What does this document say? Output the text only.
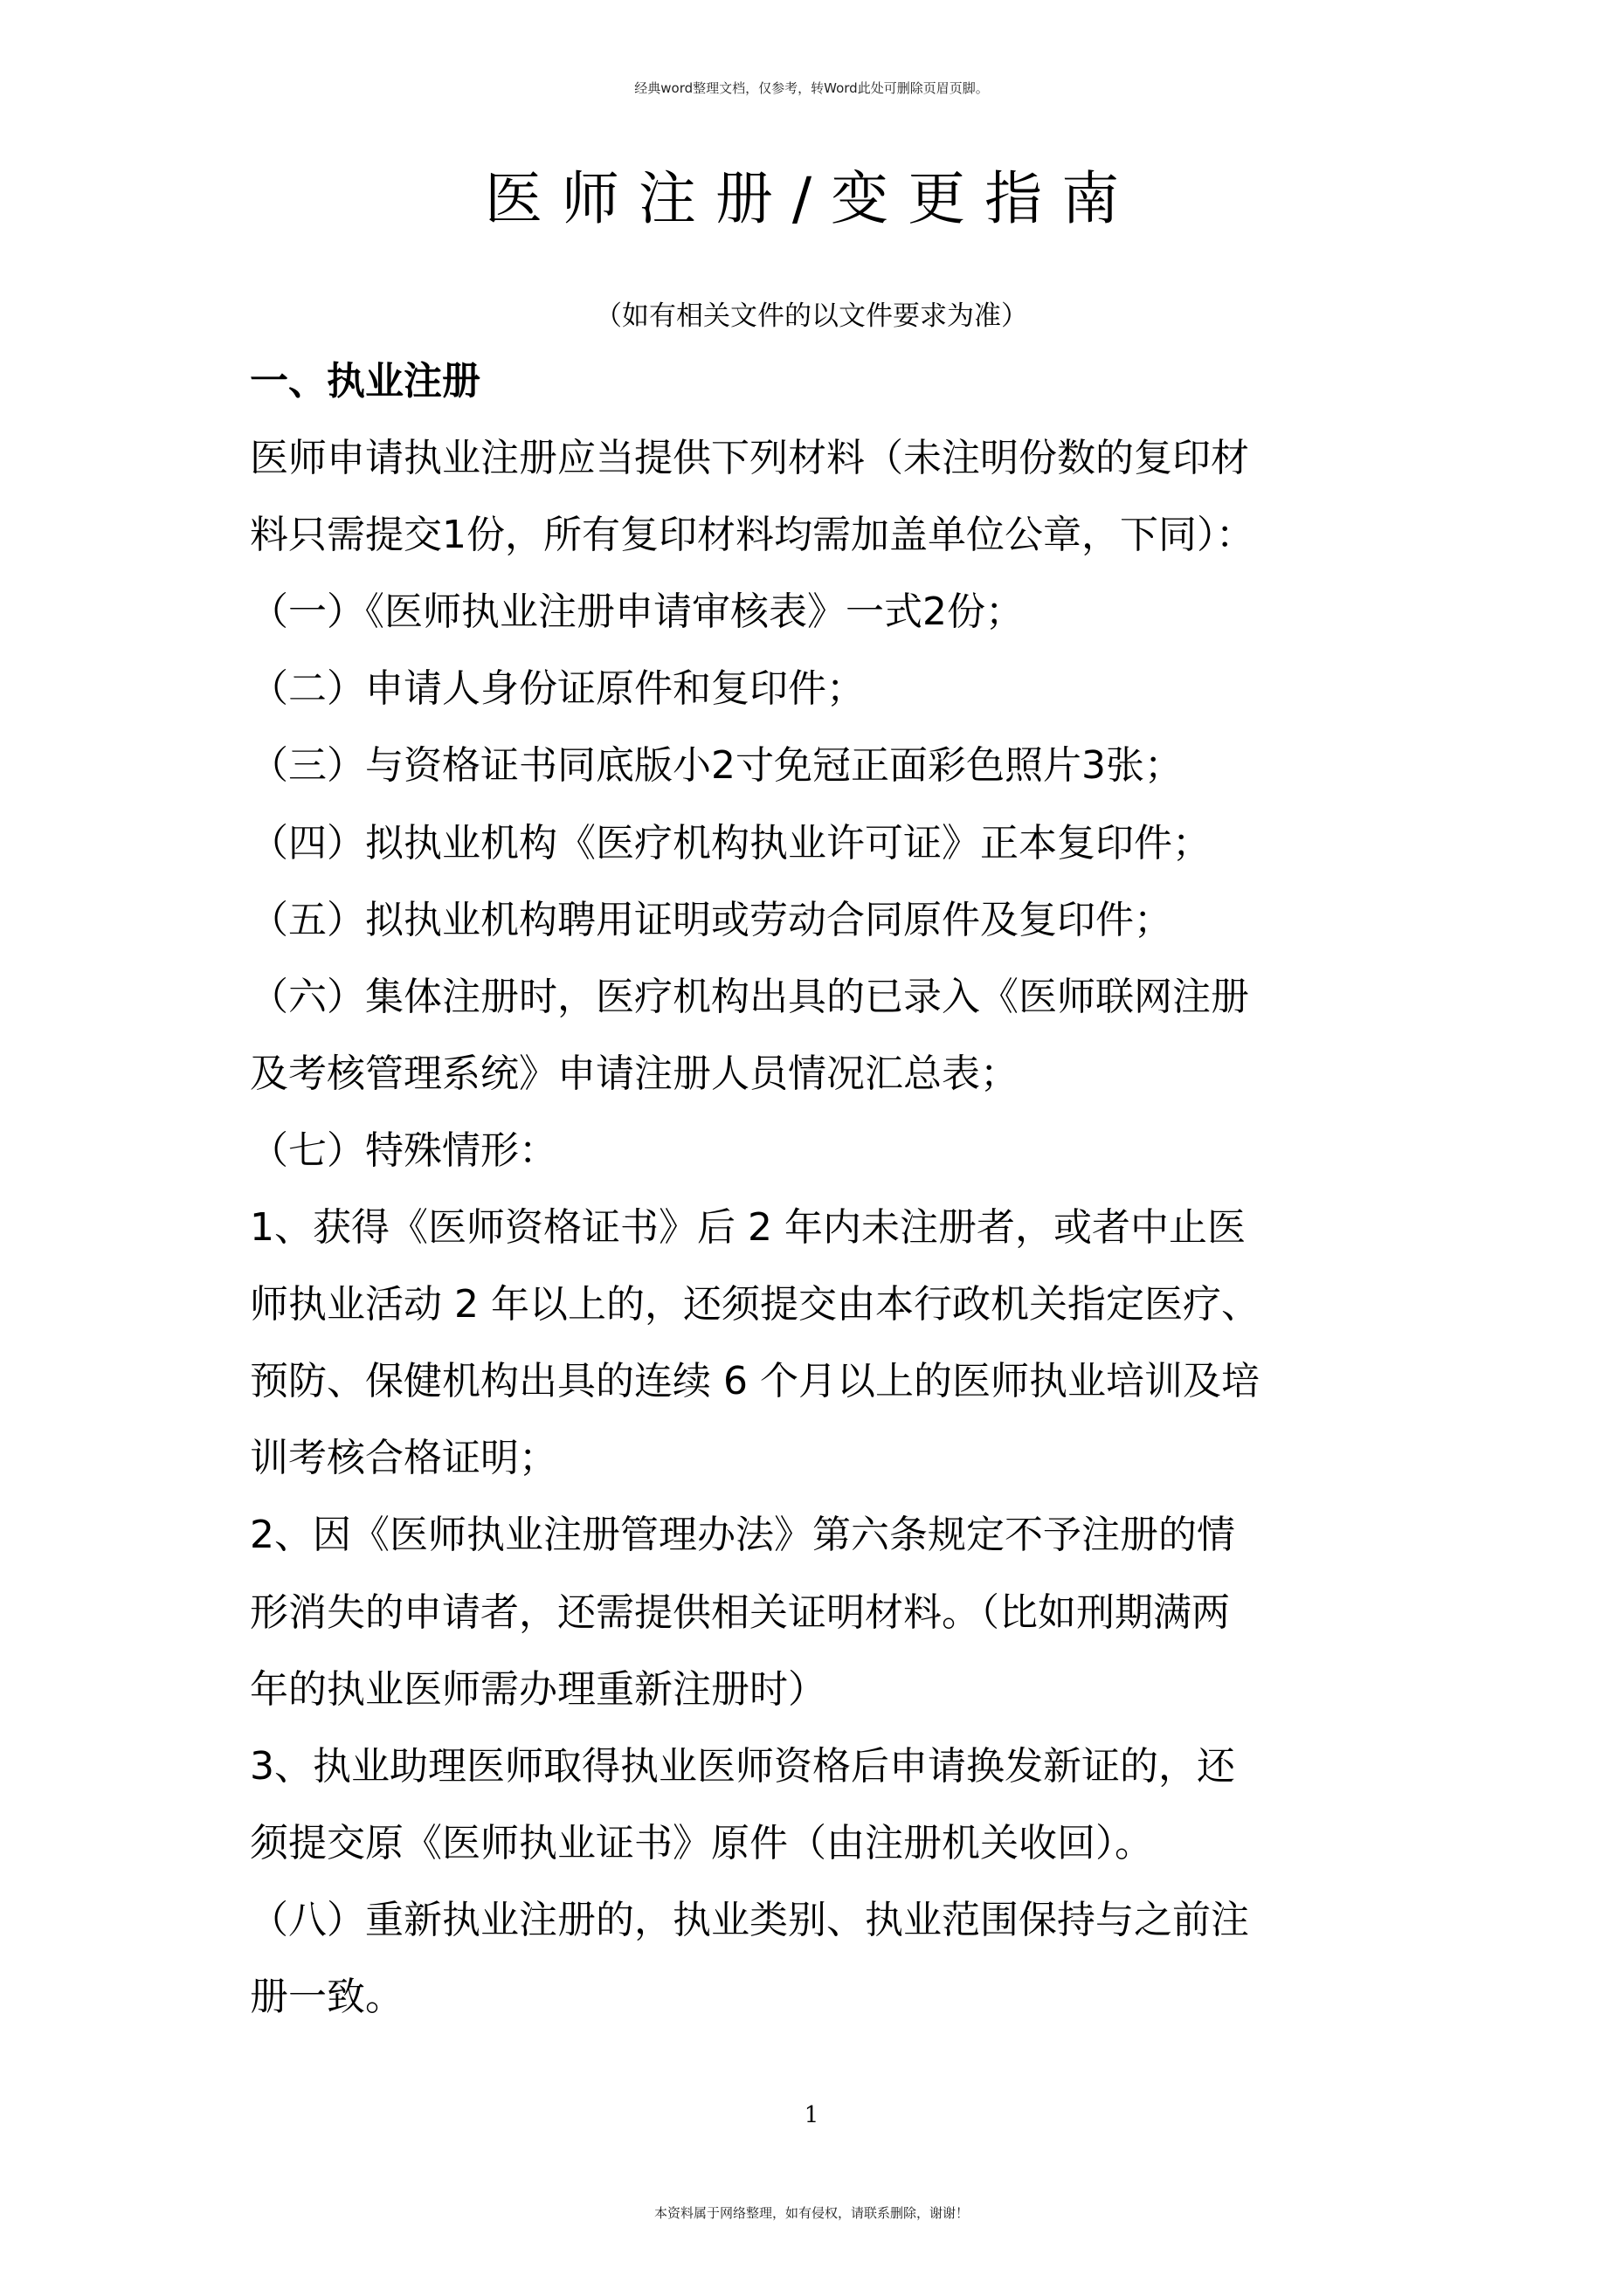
经典word整理文档，仅参考，转Word此处可删除页眉页脚。
医师注册/变更指南
（如有相关文件的以文件要求为准）
一、执业注册
医师申请执业注册应当提供下列材料（未注明份数的复印材
料只需提交1份，所有复印材料均需加盖单位公章，下同）：
（一）《医师执业注册申请审核表》一式2份；
（二）申请人身份证原件和复印件；
（三）与资格证书同底版小2寸免冠正面彩色照片3张；
（四）拟执业机构《医疗机构执业许可证》正本复印件；
（五）拟执业机构聘用证明或劳动合同原件及复印件；
（六）集体注册时，医疗机构出具的已录入《医师联网注册
及考核管理系统》申请注册人员情况汇总表；
（七）特殊情形：
1、获得《医师资格证书》后 2 年内未注册者，或者中止医
师执业活动 2 年以上的，还须提交由本行政机关指定医疗、
预防、保健机构出具的连续 6 个月以上的医师执业培训及培
训考核合格证明；
2、因《医师执业注册管理办法》第六条规定不予注册的情
形消失的申请者，还需提供相关证明材料。（比如刑期满两
年的执业医师需办理重新注册时）
3、执业助理医师取得执业医师资格后申请换发新证的，还
须提交原《医师执业证书》原件（由注册机关收回）。
（八）重新执业注册的，执业类别、执业范围保持与之前注
册一致。
1
本资料属于网络整理，如有侵权，请联系删除，谢谢！
